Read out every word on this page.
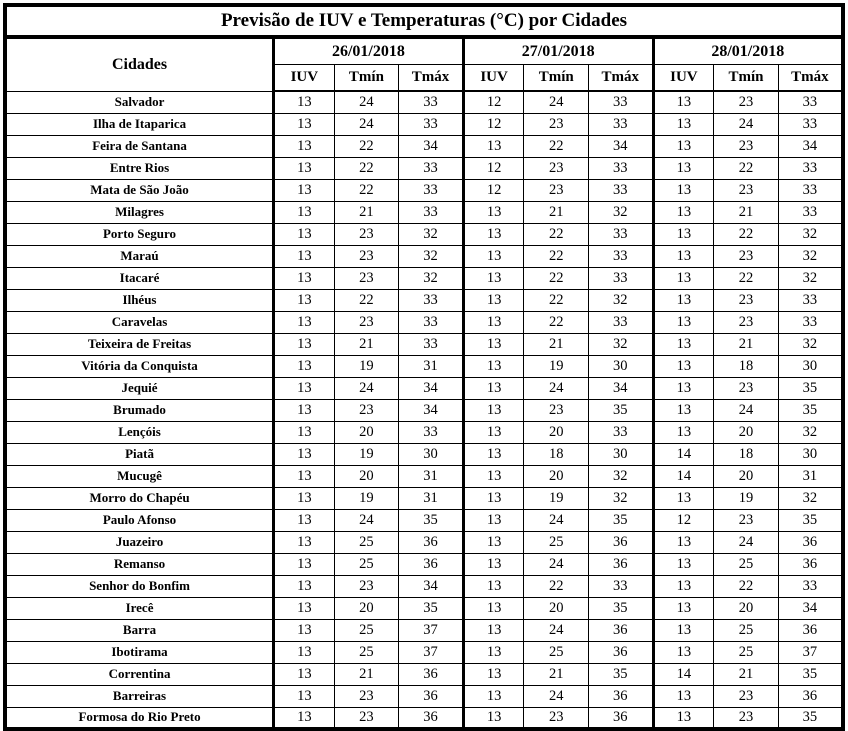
Previsão de IUV e Temperaturas (°C) por Cidades									
Cidades	26/01/2018			27/01/2018			28/01/2018		
	IUV	Tmín	Tmáx	IUV	Tmín	Tmáx	IUV	Tmín	Tmáx
Salvador	13	24	33	12	24	33	13	23	33
Ilha de Itaparica	13	24	33	12	23	33	13	24	33
Feira de Santana	13	22	34	13	22	34	13	23	34
Entre Rios	13	22	33	12	23	33	13	22	33
Mata de São João	13	22	33	12	23	33	13	23	33
Milagres	13	21	33	13	21	32	13	21	33
Porto Seguro	13	23	32	13	22	33	13	22	32
Maraú	13	23	32	13	22	33	13	23	32
Itacaré	13	23	32	13	22	33	13	22	32
Ilhéus	13	22	33	13	22	32	13	23	33
Caravelas	13	23	33	13	22	33	13	23	33
Teixeira de Freitas	13	21	33	13	21	32	13	21	32
Vitória da Conquista	13	19	31	13	19	30	13	18	30
Jequié	13	24	34	13	24	34	13	23	35
Brumado	13	23	34	13	23	35	13	24	35
Lençóis	13	20	33	13	20	33	13	20	32
Piatã	13	19	30	13	18	30	14	18	30
Mucugê	13	20	31	13	20	32	14	20	31
Morro do Chapéu	13	19	31	13	19	32	13	19	32
Paulo Afonso	13	24	35	13	24	35	12	23	35
Juazeiro	13	25	36	13	25	36	13	24	36
Remanso	13	25	36	13	24	36	13	25	36
Senhor do Bonfim	13	23	34	13	22	33	13	22	33
Irecê	13	20	35	13	20	35	13	20	34
Barra	13	25	37	13	24	36	13	25	36
Ibotirama	13	25	37	13	25	36	13	25	37
Correntina	13	21	36	13	21	35	14	21	35
Barreiras	13	23	36	13	24	36	13	23	36
Formosa do Rio Preto	13	23	36	13	23	36	13	23	35
